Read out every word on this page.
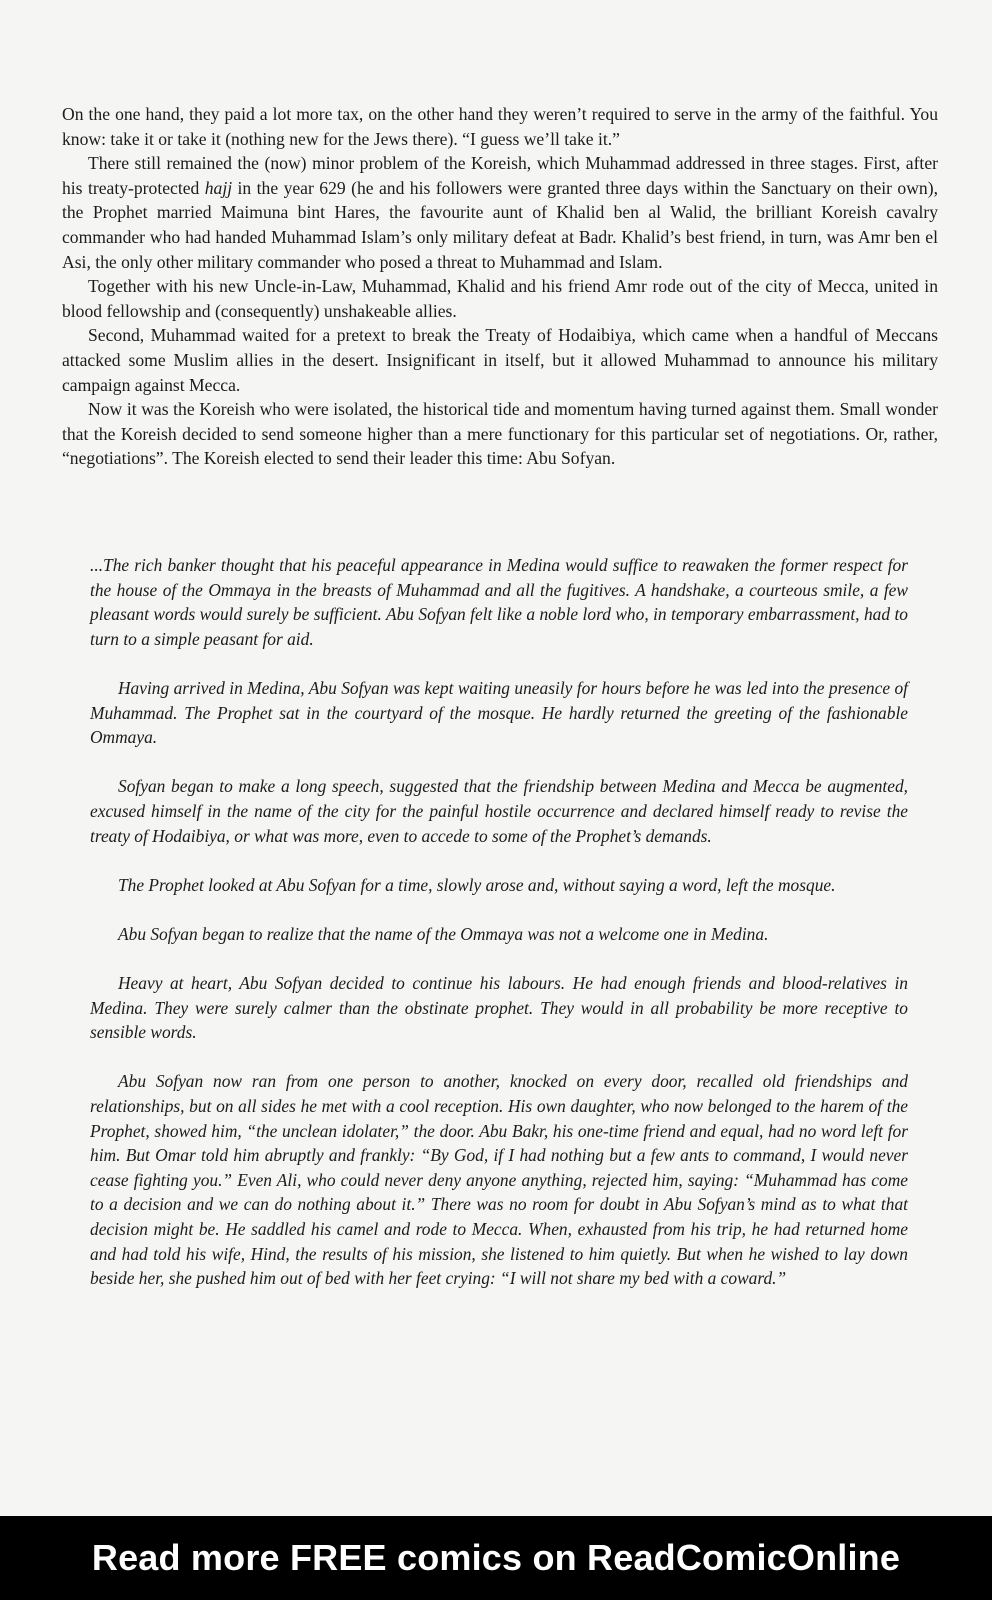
On the one hand, they paid a lot more tax, on the other hand they weren’t required to serve in the army of the faithful. You know: take it or take it (nothing new for the Jews there). “I guess we’ll take it.”

There still remained the (now) minor problem of the Koreish, which Muhammad addressed in three stages. First, after his treaty-protected hajj in the year 629 (he and his followers were granted three days within the Sanctuary on their own), the Prophet married Maimuna bint Hares, the favourite aunt of Khalid ben al Walid, the brilliant Koreish cavalry commander who had handed Muhammad Islam’s only military defeat at Badr. Khalid’s best friend, in turn, was Amr ben el Asi, the only other military commander who posed a threat to Muhammad and Islam.

Together with his new Uncle-in-Law, Muhammad, Khalid and his friend Amr rode out of the city of Mecca, united in blood fellowship and (consequently) unshakeable allies.

Second, Muhammad waited for a pretext to break the Treaty of Hodaibiya, which came when a handful of Meccans attacked some Muslim allies in the desert. Insignificant in itself, but it allowed Muhammad to announce his military campaign against Mecca.

Now it was the Koreish who were isolated, the historical tide and momentum having turned against them. Small wonder that the Koreish decided to send someone higher than a mere functionary for this particular set of negotiations. Or, rather, “negotiations”. The Koreish elected to send their leader this time: Abu Sofyan.

...The rich banker thought that his peaceful appearance in Medina would suffice to reawaken the former respect for the house of the Ommaya in the breasts of Muhammad and all the fugitives. A handshake, a courteous smile, a few pleasant words would surely be sufficient. Abu Sofyan felt like a noble lord who, in temporary embarrassment, had to turn to a simple peasant for aid.

Having arrived in Medina, Abu Sofyan was kept waiting uneasily for hours before he was led into the presence of Muhammad. The Prophet sat in the courtyard of the mosque. He hardly returned the greeting of the fashionable Ommaya.

Sofyan began to make a long speech, suggested that the friendship between Medina and Mecca be augmented, excused himself in the name of the city for the painful hostile occurrence and declared himself ready to revise the treaty of Hodaibiya, or what was more, even to accede to some of the Prophet’s demands.

The Prophet looked at Abu Sofyan for a time, slowly arose and, without saying a word, left the mosque.

Abu Sofyan began to realize that the name of the Ommaya was not a welcome one in Medina.

Heavy at heart, Abu Sofyan decided to continue his labours. He had enough friends and blood-relatives in Medina. They were surely calmer than the obstinate prophet. They would in all probability be more receptive to sensible words.

Abu Sofyan now ran from one person to another, knocked on every door, recalled old friendships and relationships, but on all sides he met with a cool reception. His own daughter, who now belonged to the harem of the Prophet, showed him, “the unclean idolater,” the door. Abu Bakr, his one-time friend and equal, had no word left for him. But Omar told him abruptly and frankly: “By God, if I had nothing but a few ants to command, I would never cease fighting you.” Even Ali, who could never deny anyone anything, rejected him, saying: “Muhammad has come to a decision and we can do nothing about it.” There was no room for doubt in Abu Sofyan’s mind as to what that decision might be. He saddled his camel and rode to Mecca. When, exhausted from his trip, he had returned home and had told his wife, Hind, the results of his mission, she listened to him quietly. But when he wished to lay down beside her, she pushed him out of bed with her feet crying: “I will not share my bed with a coward.”

Read more FREE comics on ReadComicOnline
